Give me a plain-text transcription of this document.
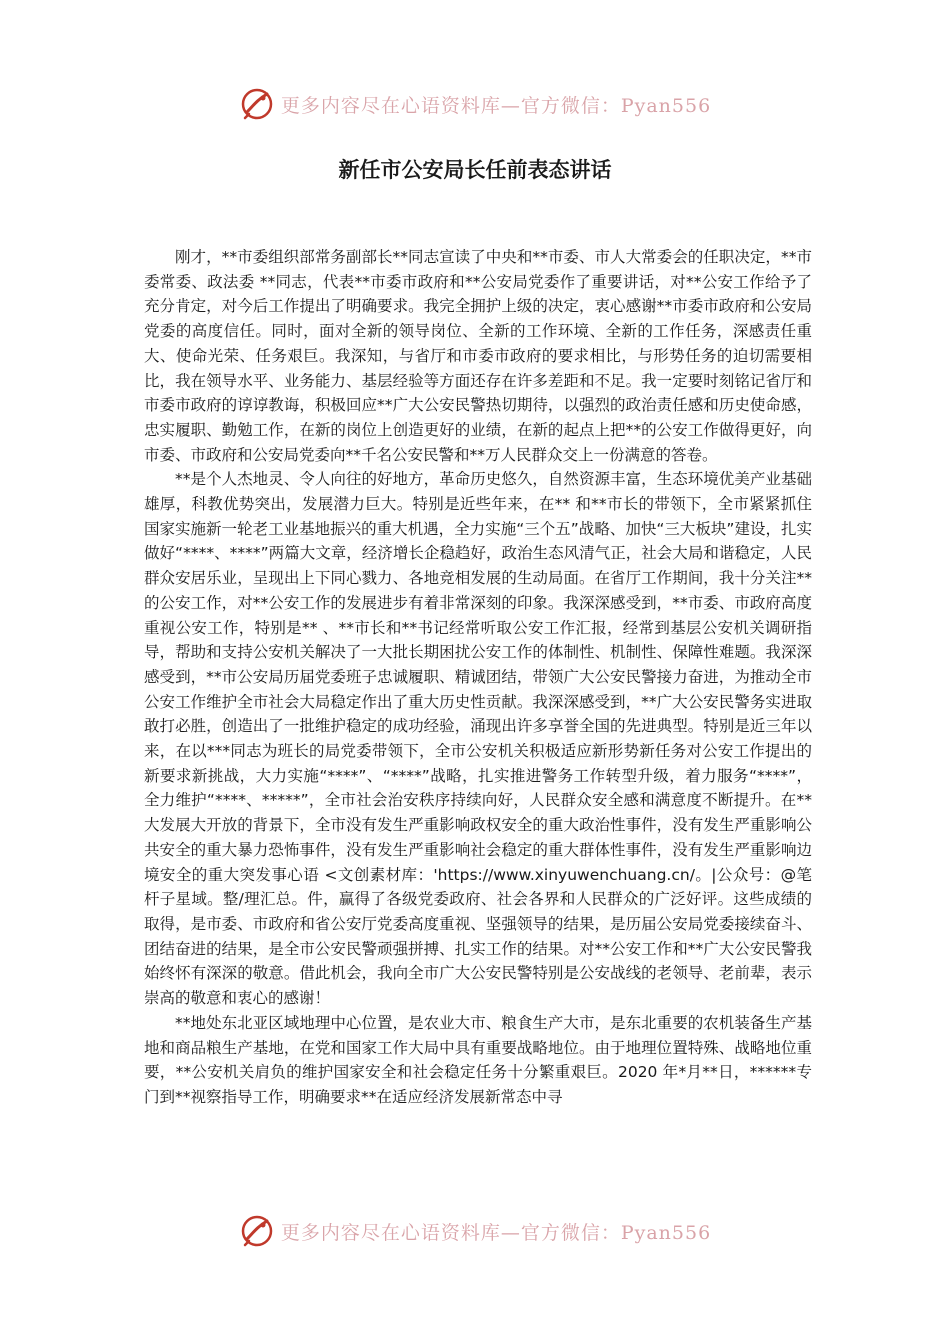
更多内容尽在心语资料库—官方微信：Pyan556
新任市公安局长任前表态讲话

刚才，**市委组织部常务副部长**同志宣读了中央和**市委、市人大常委会的任职决定，**市委常委、政法委 **同志，代表**市委市政府和**公安局党委作了重要讲话，对**公安工作给予了充分肯定，对今后工作提出了明确要求。我完全拥护上级的决定，衷心感谢**市委市政府和公安局党委的高度信任。同时，面对全新的领导岗位、全新的工作环境、全新的工作任务，深感责任重大、使命光荣、任务艰巨。我深知，与省厅和市委市政府的要求相比，与形势任务的迫切需要相比，我在领导水平、业务能力、基层经验等方面还存在许多差距和不足。我一定要时刻铭记省厅和市委市政府的谆谆教诲，积极回应**广大公安民警热切期待，以强烈的政治责任感和历史使命感，忠实履职、勤勉工作，在新的岗位上创造更好的业绩，在新的起点上把**的公安工作做得更好，向市委、市政府和公安局党委向**千名公安民警和**万人民群众交上一份满意的答卷。

**是个人杰地灵、令人向往的好地方，革命历史悠久，自然资源丰富，生态环境优美产业基础雄厚，科教优势突出，发展潜力巨大。特别是近些年来，在** 和**市长的带领下，全市紧紧抓住国家实施新一轮老工业基地振兴的重大机遇，全力实施“三个五”战略、加快“三大板块”建设，扎实做好“****、****”两篇大文章，经济增长企稳趋好，政治生态风清气正，社会大局和谐稳定，人民群众安居乐业，呈现出上下同心戮力、各地竞相发展的生动局面。在省厅工作期间，我十分关注**的公安工作，对**公安工作的发展进步有着非常深刻的印象。我深深感受到，**市委、市政府高度重视公安工作，特别是** 、**市长和**书记经常听取公安工作汇报，经常到基层公安机关调研指导，帮助和支持公安机关解决了一大批长期困扰公安工作的体制性、机制性、保障性难题。我深深感受到，**市公安局历届党委班子忠诚履职、精诚团结，带领广大公安民警接力奋进，为推动全市公安工作维护全市社会大局稳定作出了重大历史性贡献。我深深感受到，**广大公安民警务实进取敢打必胜，创造出了一批维护稳定的成功经验，涌现出许多享誉全国的先进典型。特别是近三年以来，在以***同志为班长的局党委带领下，全市公安机关积极适应新形势新任务对公安工作提出的新要求新挑战，大力实施“****”、“****”战略，扎实推进警务工作转型升级，着力服务“****”，全力维护“****、*****”，全市社会治安秩序持续向好，人民群众安全感和满意度不断提升。在**大发展大开放的背景下，全市没有发生严重影响政权安全的重大政治性事件，没有发生严重影响公共安全的重大暴力恐怖事件，没有发生严重影响社会稳定的重大群体性事件，没有发生严重影响边境安全的重大突发事心语 <文创素材库：'https://www.xinyuwenchuang.cn/。|公众号：@笔杆子星域。整/理汇总。件，赢得了各级党委政府、社会各界和人民群众的广泛好评。这些成绩的取得，是市委、市政府和省公安厅党委高度重视、坚强领导的结果，是历届公安局党委接续奋斗、团结奋进的结果，是全市公安民警顽强拼搏、扎实工作的结果。对**公安工作和**广大公安民警我始终怀有深深的敬意。借此机会，我向全市广大公安民警特别是公安战线的老领导、老前辈，表示崇高的敬意和衷心的感谢！

**地处东北亚区域地理中心位置，是农业大市、粮食生产大市，是东北重要的农机装备生产基地和商品粮生产基地，在党和国家工作大局中具有重要战略地位。由于地理位置特殊、战略地位重要，**公安机关肩负的维护国家安全和社会稳定任务十分繁重艰巨。2020 年*月**日，******专门到**视察指导工作，明确要求**在适应经济发展新常态中寻

更多内容尽在心语资料库—官方微信：Pyan556
